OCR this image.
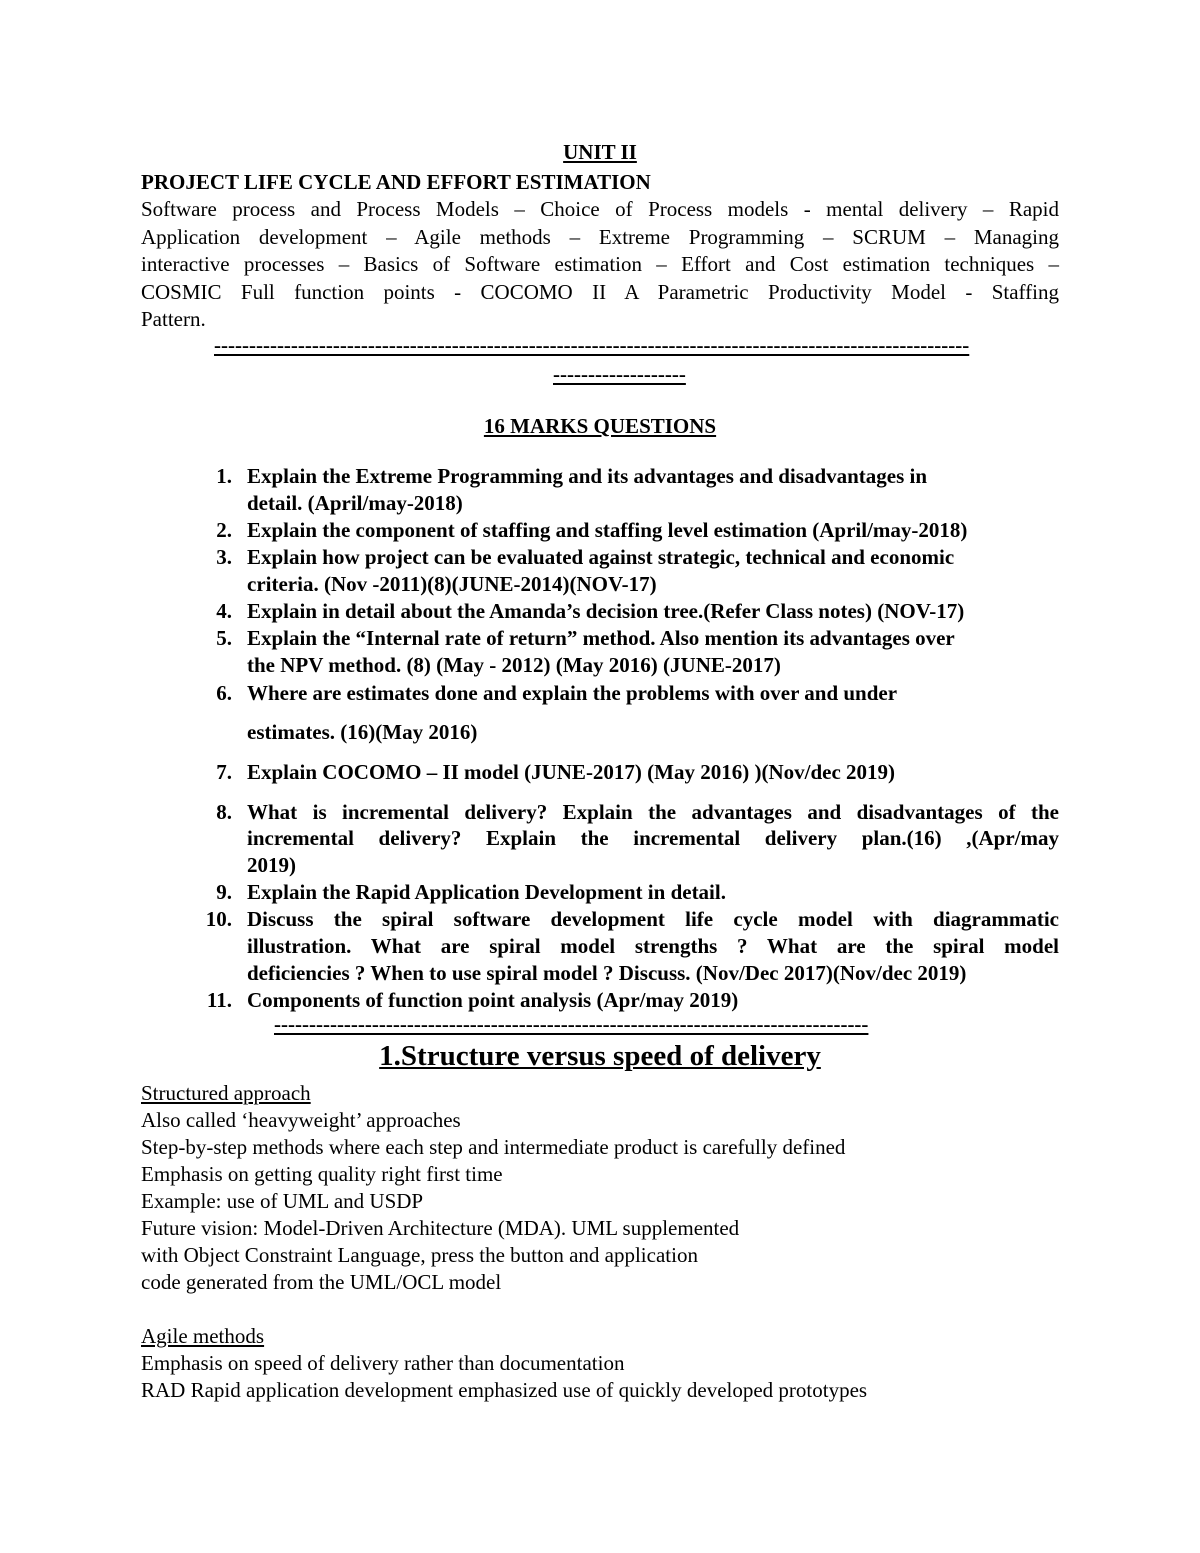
UNIT II
PROJECT LIFE CYCLE AND EFFORT ESTIMATION
Software process and Process Models – Choice of Process models - mental delivery – Rapid
Application development – Agile methods – Extreme Programming – SCRUM – Managing
interactive processes – Basics of Software estimation – Effort and Cost estimation techniques –
COSMIC Full function points - COCOMO II A Parametric Productivity Model - Staffing
Pattern.
------------------------------------------------------------------------------------------------------------
-------------------
16 MARKS QUESTIONS
1. Explain the Extreme Programming and its advantages and disadvantages in
detail. (April/may-2018)
2. Explain the component of staffing and staffing level estimation (April/may-2018)
3. Explain how project can be evaluated against strategic, technical and economic
criteria. (Nov -2011)(8)(JUNE-2014)(NOV-17)
4. Explain in detail about the Amanda’s decision tree.(Refer Class notes) (NOV-17)
5. Explain the “Internal rate of return” method. Also mention its advantages over
the NPV method. (8) (May - 2012) (May 2016) (JUNE-2017)
6. Where are estimates done and explain the problems with over and under
estimates. (16)(May 2016)
7. Explain COCOMO – II model (JUNE-2017) (May 2016) )(Nov/dec 2019)
8. What is incremental delivery? Explain the advantages and disadvantages of the
incremental delivery? Explain the incremental delivery plan.(16) ,(Apr/may
2019)
9. Explain the Rapid Application Development in detail.
10. Discuss the spiral software development life cycle model with diagrammatic
illustration. What are spiral model strengths ? What are the spiral model
deficiencies ? When to use spiral model ? Discuss. (Nov/Dec 2017)(Nov/dec 2019)
11. Components of function point analysis (Apr/may 2019)
-------------------------------------------------------------------------------------
1.Structure versus speed of delivery
Structured approach
Also called ‘heavyweight’ approaches
Step-by-step methods where each step and intermediate product is carefully defined
Emphasis on getting quality right first time
Example: use of UML and USDP
Future vision: Model-Driven Architecture (MDA). UML supplemented
with Object Constraint Language, press the button and application
code generated from the UML/OCL model
Agile methods
Emphasis on speed of delivery rather than documentation
RAD Rapid application development emphasized use of quickly developed prototypes
